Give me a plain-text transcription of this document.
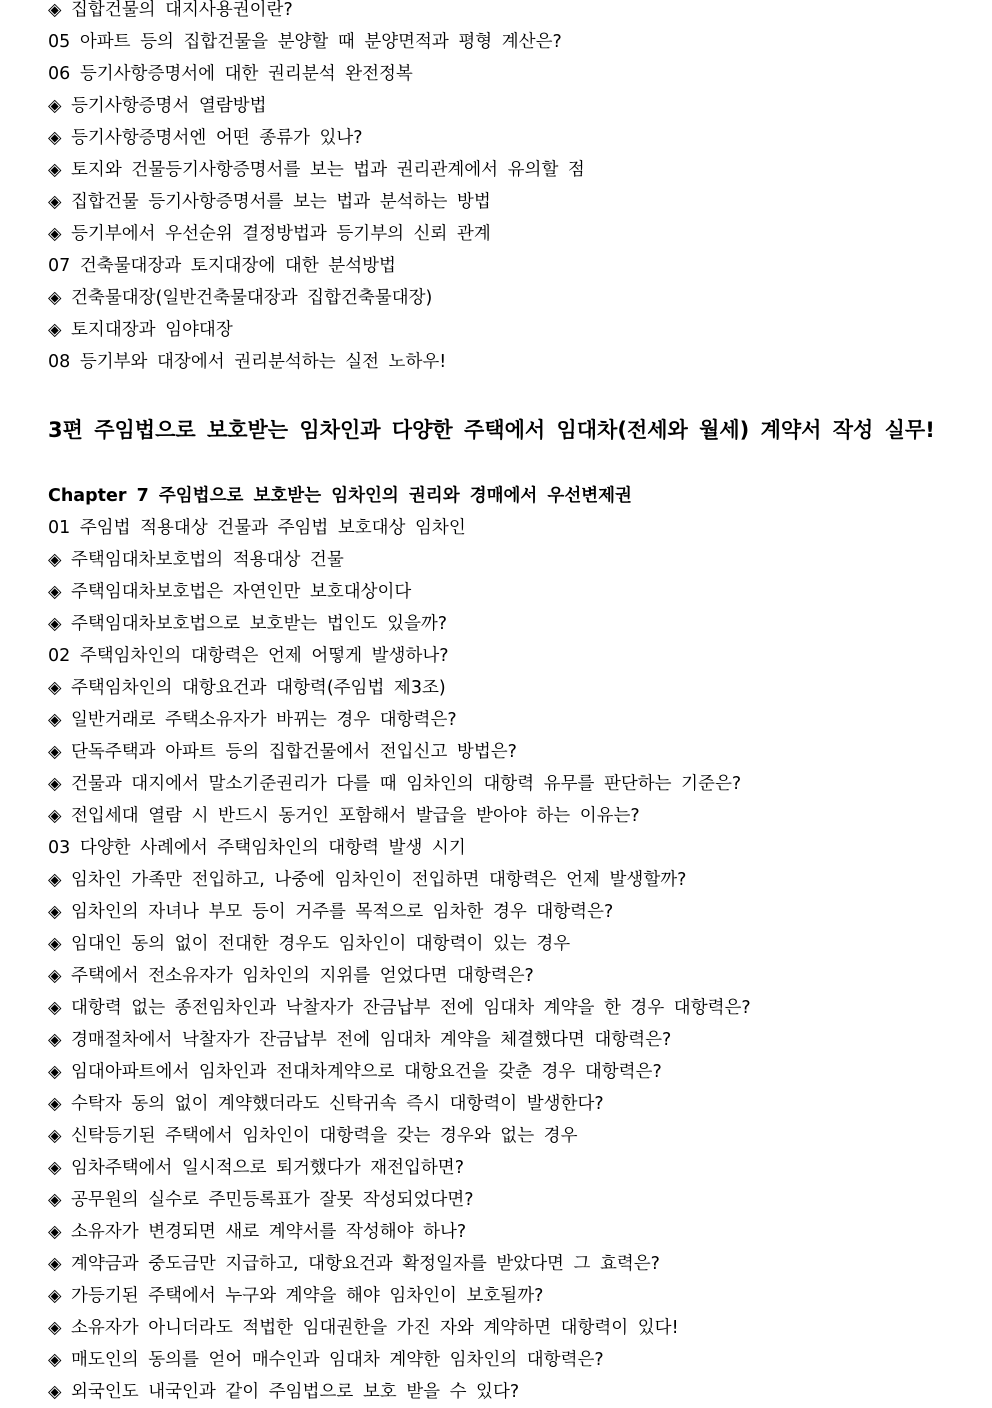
◈ 집합건물의 대지사용권이란?
05 아파트 등의 집합건물을 분양할 때 분양면적과 평형 계산은?
06 등기사항증명서에 대한 권리분석 완전정복
◈ 등기사항증명서 열람방법
◈ 등기사항증명서엔 어떤 종류가 있나?
◈ 토지와 건물등기사항증명서를 보는 법과 권리관계에서 유의할 점
◈ 집합건물 등기사항증명서를 보는 법과 분석하는 방법
◈ 등기부에서 우선순위 결정방법과 등기부의 신뢰 관계
07 건축물대장과 토지대장에 대한 분석방법
◈ 건축물대장(일반건축물대장과 집합건축물대장)
◈ 토지대장과 임야대장
08 등기부와 대장에서 권리분석하는 실전 노하우!
3편 주임법으로 보호받는 임차인과 다양한 주택에서 임대차(전세와 월세) 계약서 작성 실무!
Chapter 7 주임법으로 보호받는 임차인의 권리와 경매에서 우선변제권
01 주임법 적용대상 건물과 주임법 보호대상 임차인
◈ 주택임대차보호법의 적용대상 건물
◈ 주택임대차보호법은 자연인만 보호대상이다
◈ 주택임대차보호법으로 보호받는 법인도 있을까?
02 주택임차인의 대항력은 언제 어떻게 발생하나?
◈ 주택임차인의 대항요건과 대항력(주임법 제3조)
◈ 일반거래로 주택소유자가 바뀌는 경우 대항력은?
◈ 단독주택과 아파트 등의 집합건물에서 전입신고 방법은?
◈ 건물과 대지에서 말소기준권리가 다를 때 임차인의 대항력 유무를 판단하는 기준은?
◈ 전입세대 열람 시 반드시 동거인 포함해서 발급을 받아야 하는 이유는?
03 다양한 사례에서 주택임차인의 대항력 발생 시기
◈ 임차인 가족만 전입하고, 나중에 임차인이 전입하면 대항력은 언제 발생할까?
◈ 임차인의 자녀나 부모 등이 거주를 목적으로 임차한 경우 대항력은?
◈ 임대인 동의 없이 전대한 경우도 임차인이 대항력이 있는 경우
◈ 주택에서 전소유자가 임차인의 지위를 얻었다면 대항력은?
◈ 대항력 없는 종전임차인과 낙찰자가 잔금납부 전에 임대차 계약을 한 경우 대항력은?
◈ 경매절차에서 낙찰자가 잔금납부 전에 임대차 계약을 체결했다면 대항력은?
◈ 임대아파트에서 임차인과 전대차계약으로 대항요건을 갖춘 경우 대항력은?
◈ 수탁자 동의 없이 계약했더라도 신탁귀속 즉시 대항력이 발생한다?
◈ 신탁등기된 주택에서 임차인이 대항력을 갖는 경우와 없는 경우
◈ 임차주택에서 일시적으로 퇴거했다가 재전입하면?
◈ 공무원의 실수로 주민등록표가 잘못 작성되었다면?
◈ 소유자가 변경되면 새로 계약서를 작성해야 하나?
◈ 계약금과 중도금만 지급하고, 대항요건과 확정일자를 받았다면 그 효력은?
◈ 가등기된 주택에서 누구와 계약을 해야 임차인이 보호될까?
◈ 소유자가 아니더라도 적법한 임대권한을 가진 자와 계약하면 대항력이 있다!
◈ 매도인의 동의를 얻어 매수인과 임대차 계약한 임차인의 대항력은?
◈ 외국인도 내국인과 같이 주임법으로 보호 받을 수 있다?
